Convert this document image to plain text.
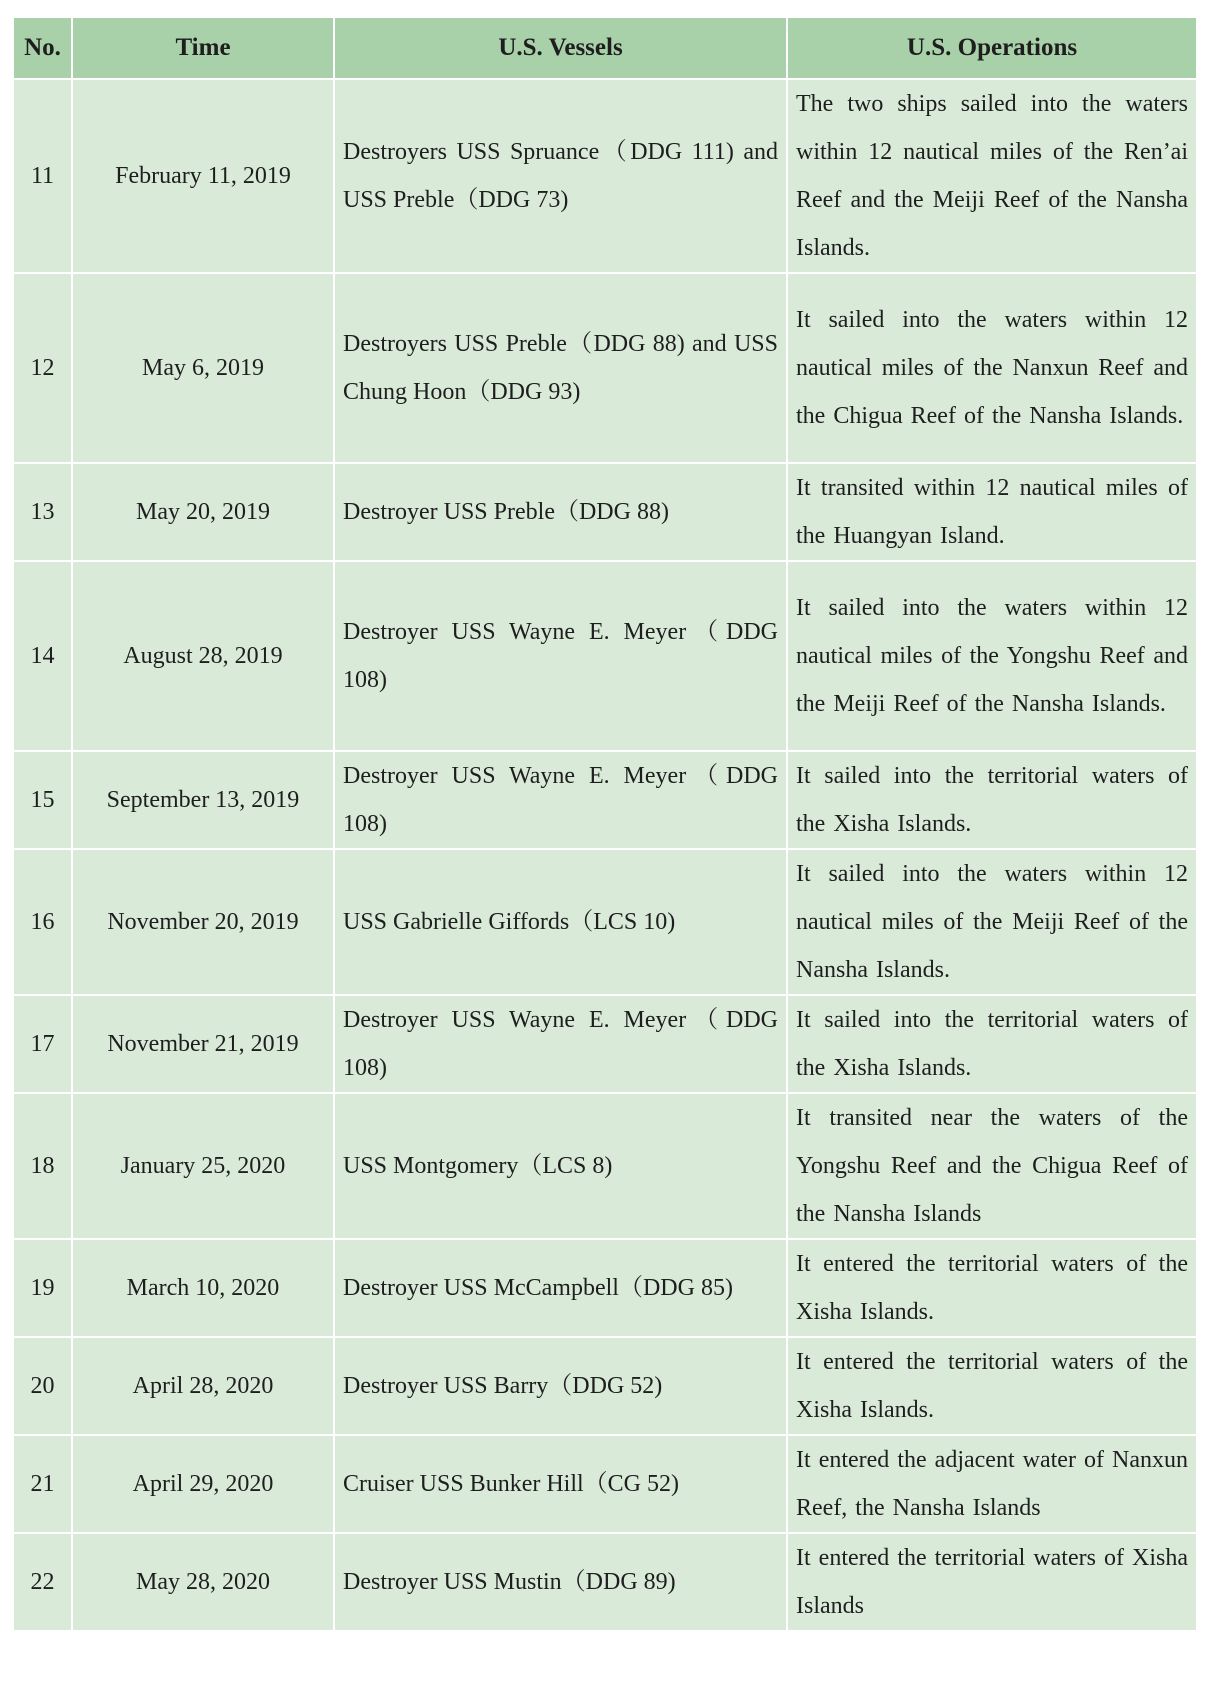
No.	Time	U.S. Vessels	U.S. Operations
11	February 11, 2019	Destroyers USS Spruance（DDG 111) and USS Preble（DDG 73)	The two ships sailed into the waters within 12 nautical miles of the Ren’ai Reef and the Meiji Reef of the Nansha Islands.
12	May 6, 2019	Destroyers USS Preble（DDG 88) and USS Chung Hoon（DDG 93)	It sailed into the waters within 12 nautical miles of the Nanxun Reef and the Chigua Reef of the Nansha Islands.
13	May 20, 2019	Destroyer USS Preble（DDG 88)	It transited within 12 nautical miles of the Huangyan Island.
14	August 28, 2019	Destroyer USS Wayne E. Meyer（DDG 108)	It sailed into the waters within 12 nautical miles of the Yongshu Reef and the Meiji Reef of the Nansha Islands.
15	September 13, 2019	Destroyer USS Wayne E. Meyer（DDG 108)	It sailed into the territorial waters of the Xisha Islands.
16	November 20, 2019	USS Gabrielle Giffords（LCS 10)	It sailed into the waters within 12 nautical miles of the Meiji Reef of the Nansha Islands.
17	November 21, 2019	Destroyer USS Wayne E. Meyer（DDG 108)	It sailed into the territorial waters of the Xisha Islands.
18	January 25, 2020	USS Montgomery（LCS 8)	It transited near the waters of the Yongshu Reef and the Chigua Reef of the Nansha Islands
19	March 10, 2020	Destroyer USS McCampbell（DDG 85)	It entered the territorial waters of the Xisha Islands.
20	April 28, 2020	Destroyer USS Barry（DDG 52)	It entered the territorial waters of the Xisha Islands.
21	April 29, 2020	Cruiser USS Bunker Hill（CG 52)	It entered the adjacent water of Nanxun Reef, the Nansha Islands
22	May 28, 2020	Destroyer USS Mustin（DDG 89)	It entered the territorial waters of Xisha Islands
